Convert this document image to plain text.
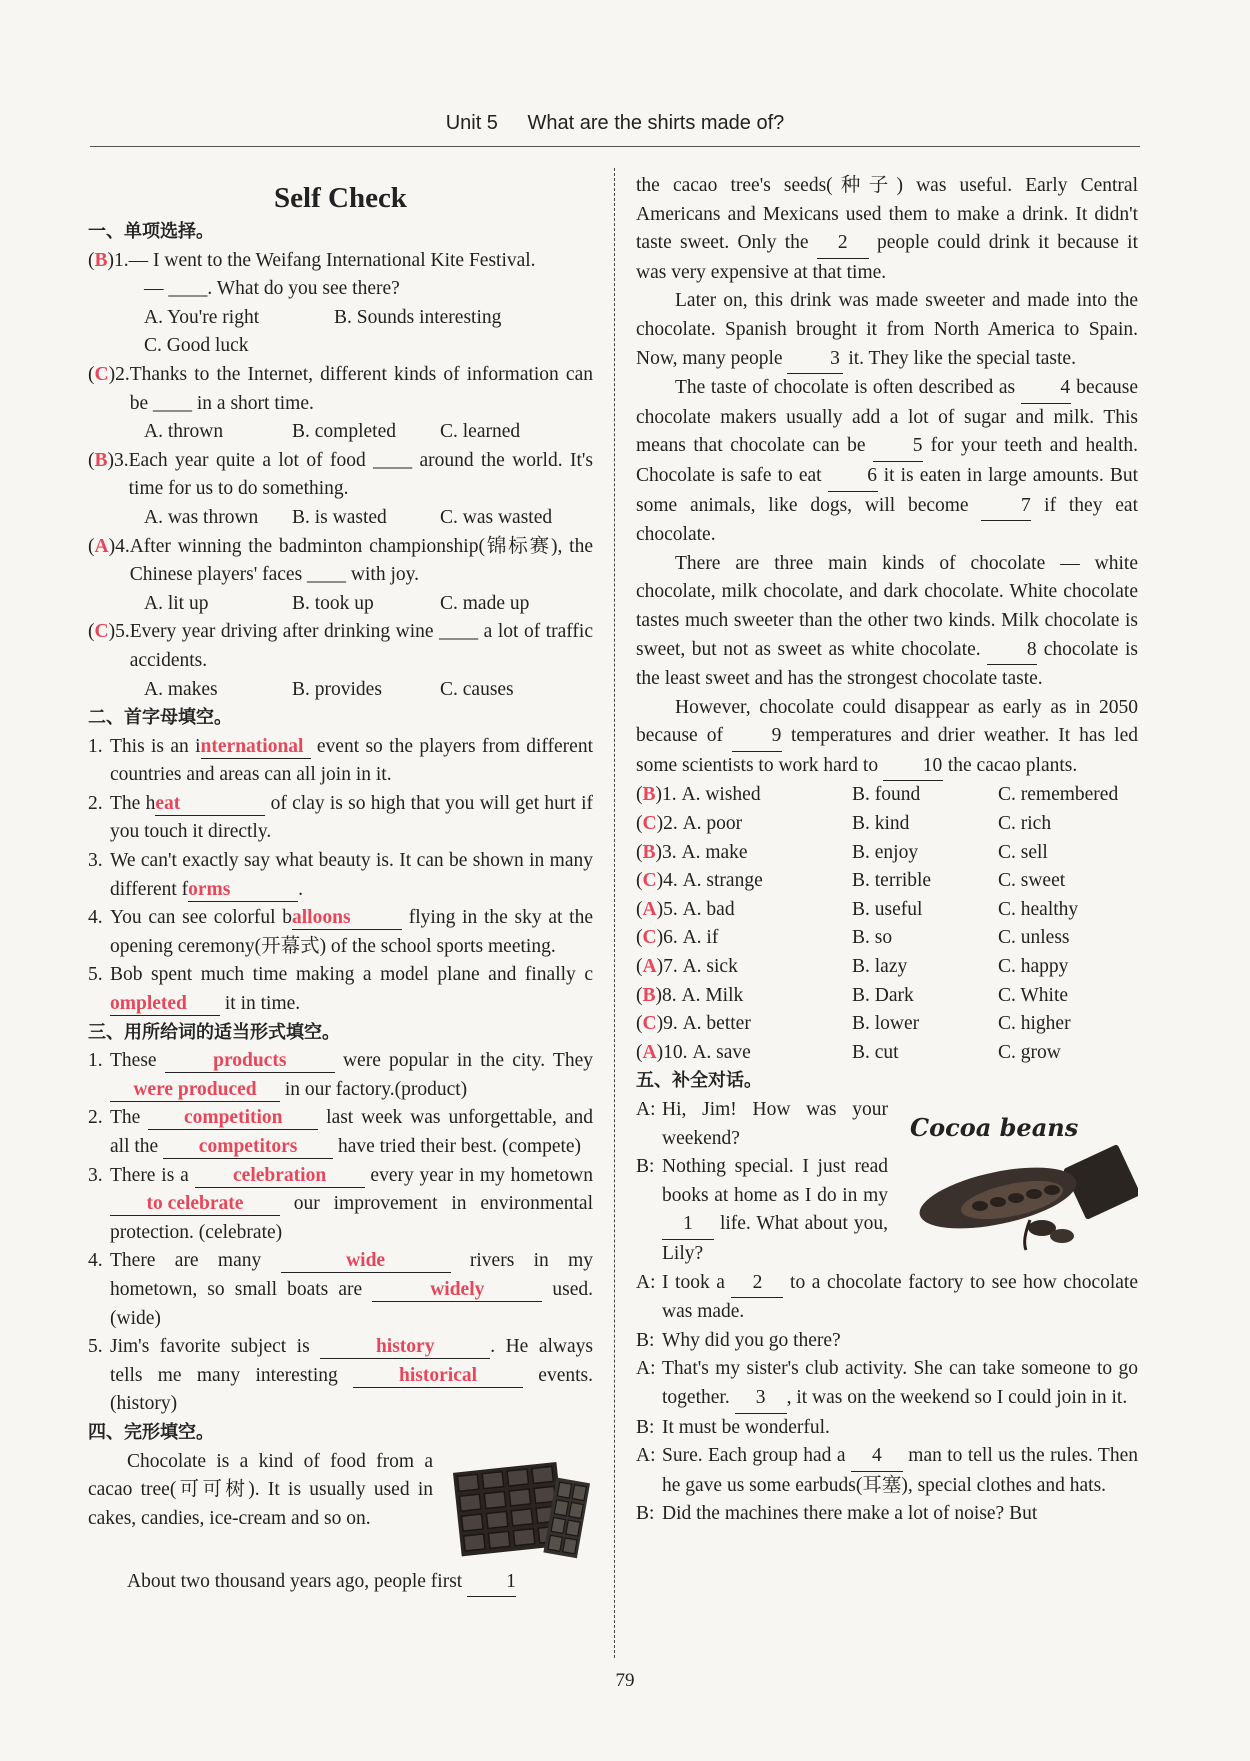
Unit 5 What are the shirts made of?
Self Check
一、单项选择。
(B)1. — I went to the Weifang International Kite Festival.
— ____. What do you see there?
A. You're right	B. Sounds interesting
C. Good luck
(C)2. Thanks to the Internet, different kinds of information can be ____ in a short time.
A. thrown	B. completed	C. learned
(B)3. Each year quite a lot of food ____ around the world. It's time for us to do something.
A. was thrown	B. is wasted	C. was wasted
(A)4. After winning the badminton championship(锦标赛), the Chinese players' faces ____ with joy.
A. lit up	B. took up	C. made up
(C)5. Every year driving after drinking wine ____ a lot of traffic accidents.
A. makes	B. provides	C. causes
二、首字母填空。
1. This is an international event so the players from different countries and areas can all join in it.
2. The heat	of clay is so high that you will get hurt if you touch it directly.
3. We can't exactly say what beauty is. It can be shown in many different forms	.
4. You can see colorful balloons	flying in the sky at the opening ceremony(开幕式) of the school sports meeting.
5. Bob spent much time making a model plane and finally completed it in time.
三、用所给词的适当形式填空。
1. These products were popular in the city. They were produced in our factory.(product)
2. The competition last week was unforgettable, and all the competitors have tried their best. (compete)
3. There is a celebration every year in my hometown to celebrate our improvement in environmental protection. (celebrate)
4. There are many	wide	rivers in my hometown, so small boats are	widely	used. (wide)
5. Jim's favorite subject is	history	. He always tells me many interesting historical events. (history)
四、完形填空。
Chocolate is a kind of food from a cacao tree(可可树). It is usually used in cakes, candies, ice-cream and so on.
About two thousand years ago, people first 1
the cacao tree's seeds(种子) was useful. Early Central Americans and Mexicans used them to make a drink. It didn't taste sweet. Only the 2 people could drink it because it was very expensive at that time.
Later on, this drink was made sweeter and made into the chocolate. Spanish brought it from North America to Spain. Now, many people 3 it. They like the special taste.
The taste of chocolate is often described as 4 because chocolate makers usually add a lot of sugar and milk. This means that chocolate can be 5 for your teeth and health. Chocolate is safe to eat 6 it is eaten in large amounts. But some animals, like dogs, will become 7 if they eat chocolate.
There are three main kinds of chocolate — white chocolate, milk chocolate, and dark chocolate. White chocolate tastes much sweeter than the other two kinds. Milk chocolate is sweet, but not as sweet as white chocolate. 8 chocolate is the least sweet and has the strongest chocolate taste.
However, chocolate could disappear as early as in 2050 because of 9 temperatures and drier weather. It has led some scientists to work hard to 10 the cacao plants.
(B)1. A. wished	B. found	C. remembered
(C)2. A. poor	B. kind	C. rich
(B)3. A. make	B. enjoy	C. sell
(C)4. A. strange	B. terrible	C. sweet
(A)5. A. bad	B. useful	C. healthy
(C)6. A. if	B. so	C. unless
(A)7. A. sick	B. lazy	C. happy
(B)8. A. Milk	B. Dark	C. White
(C)9. A. better	B. lower	C. higher
(A)10. A. save	B. cut	C. grow
五、补全对话。
Cocoa beans
A: Hi, Jim! How was your weekend?
B: Nothing special. I just read books at home as I do in my 1 life. What about you, Lily?
A: I took a 2 to a chocolate factory to see how chocolate was made.
B: Why did you go there?
A: That's my sister's club activity. She can take someone to go together. 3 , it was on the weekend so I could join in it.
B: It must be wonderful.
A: Sure. Each group had a 4 man to tell us the rules. Then he gave us some earbuds(耳塞), special clothes and hats.
B: Did the machines there make a lot of noise? But
79
